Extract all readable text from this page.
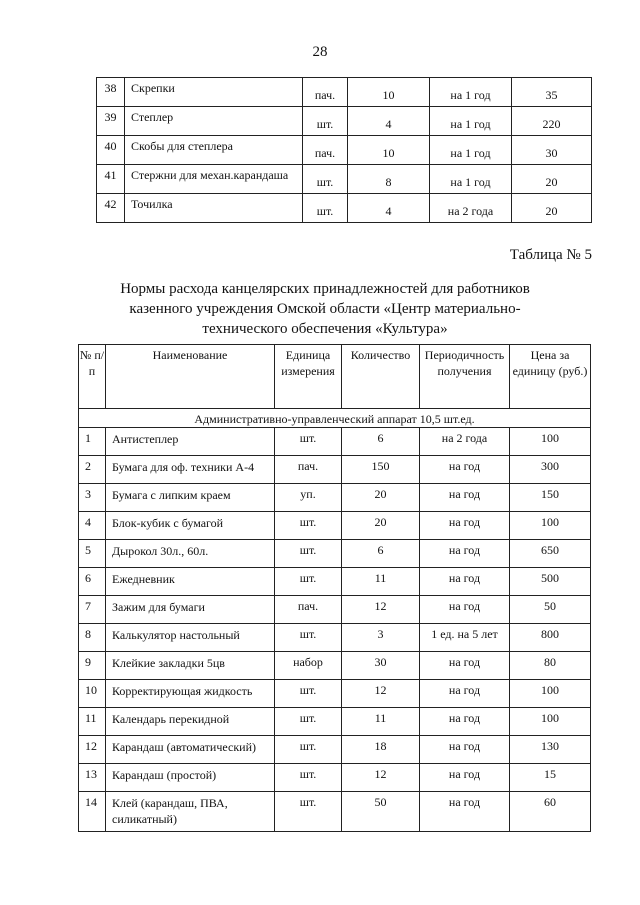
28
38	Скрепки	пач.	10	на 1 год	35
39	Степлер	шт.	4	на 1 год	220
40	Скобы для степлера	пач.	10	на 1 год	30
41	Стержни для механ.карандаша	шт.	8	на 1 год	20
42	Точилка	шт.	4	на 2 года	20
Таблица № 5
Нормы расхода канцелярских принадлежностей для работников казенного учреждения Омской области «Центр материально-технического обеспечения «Культура»
№ п/п	Наименование	Единица измерения	Количество	Периодичность получения	Цена за единицу (руб.)
Административно-управленческий аппарат 10,5 шт.ед.					
1	Антистеплер	шт.	6	на 2 года	100
2	Бумага для оф. техники А-4	пач.	150	на год	300
3	Бумага с липким краем	уп.	20	на год	150
4	Блок-кубик с бумагой	шт.	20	на год	100
5	Дырокол 30л., 60л.	шт.	6	на год	650
6	Ежедневник	шт.	11	на год	500
7	Зажим для бумаги	пач.	12	на год	50
8	Калькулятор настольный	шт.	3	1 ед. на 5 лет	800
9	Клейкие закладки 5цв	набор	30	на год	80
10	Корректирующая жидкость	шт.	12	на год	100
11	Календарь перекидной	шт.	11	на год	100
12	Карандаш (автоматический)	шт.	18	на год	130
13	Карандаш (простой)	шт.	12	на год	15
14	Клей (карандаш, ПВА, силикатный)	шт.	50	на год	60
